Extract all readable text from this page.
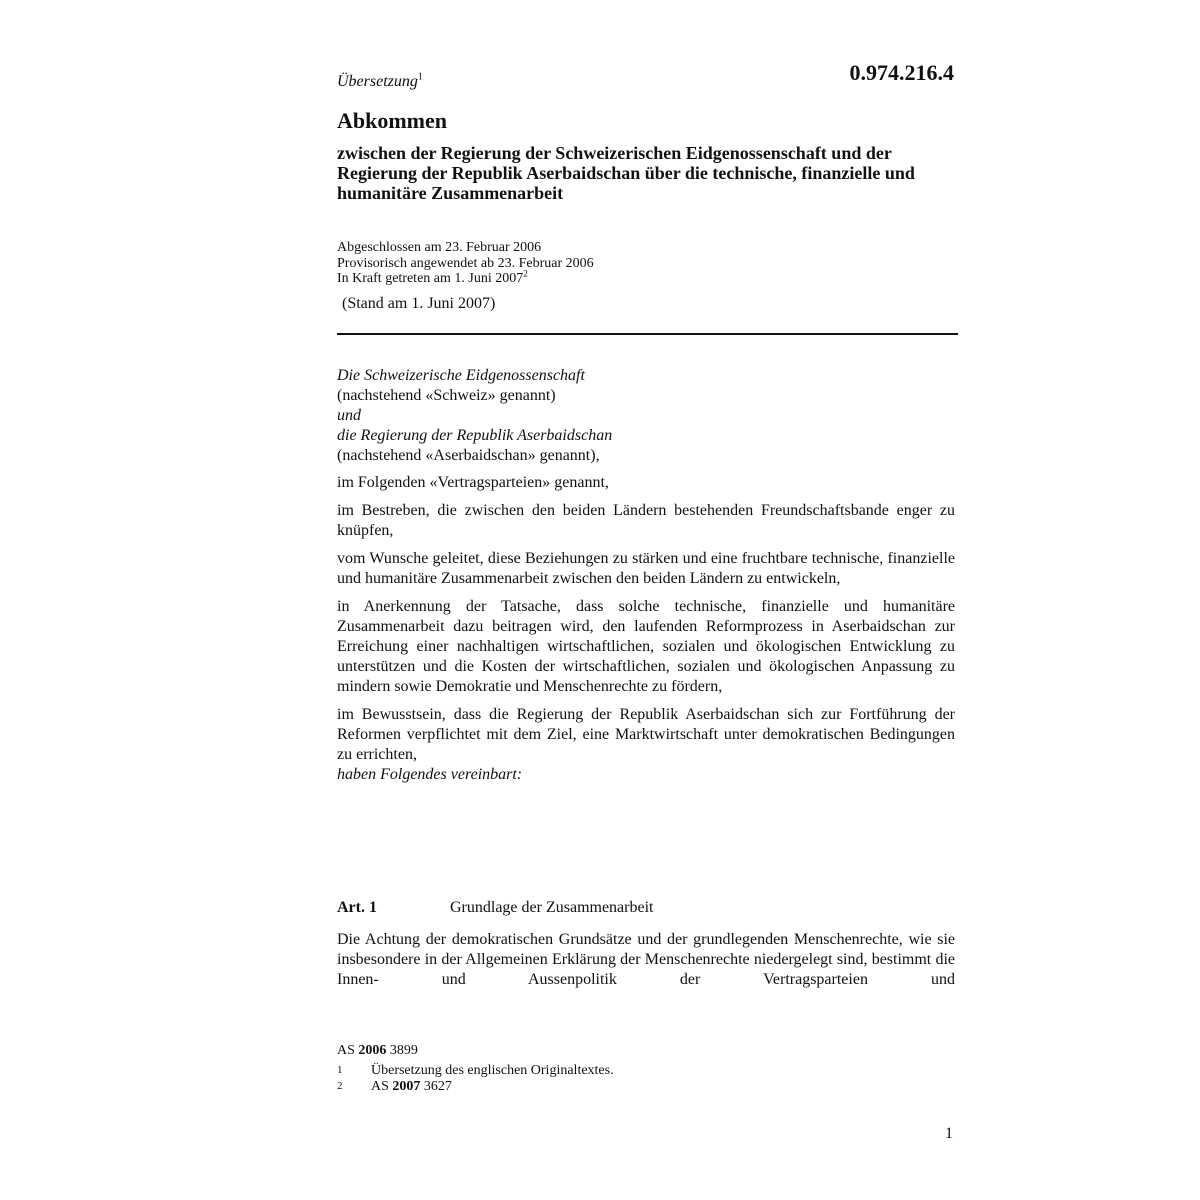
Übersetzung$^1$	0.974.216.4
Abkommen
zwischen der Regierung der Schweizerischen Eidgenossenschaft und der Regierung der Republik Aserbaidschan über die technische, finanzielle und humanitäre Zusammenarbeit
Abgeschlossen am 23. Februar 2006
Provisorisch angewendet ab 23. Februar 2006
In Kraft getreten am 1. Juni 2007$^2$
(Stand am 1. Juni 2007)
Die Schweizerische Eidgenossenschaft
(nachstehend «Schweiz» genannt)
und
die Regierung der Republik Aserbaidschan
(nachstehend «Aserbaidschan» genannt),

im Folgenden «Vertragsparteien» genannt,

im Bestreben, die zwischen den beiden Ländern bestehenden Freundschaftsbande enger zu knüpfen,

vom Wunsche geleitet, diese Beziehungen zu stärken und eine fruchtbare technische, finanzielle und humanitäre Zusammenarbeit zwischen den beiden Ländern zu entwickeln,

in Anerkennung der Tatsache, dass solche technische, finanzielle und humanitäre Zusammenarbeit dazu beitragen wird, den laufenden Reformprozess in Aserbaidschan zur Erreichung einer nachhaltigen wirtschaftlichen, sozialen und ökologischen Entwicklung zu unterstützen und die Kosten der wirtschaftlichen, sozialen und ökologischen Anpassung zu mindern sowie Demokratie und Menschenrechte zu fördern,

im Bewusstsein, dass die Regierung der Republik Aserbaidschan sich zur Fortführung der Reformen verpflichtet mit dem Ziel, eine Marktwirtschaft unter demokratischen Bedingungen zu errichten,

haben Folgendes vereinbart:
Art. 1	Grundlage der Zusammenarbeit
Die Achtung der demokratischen Grundsätze und der grundlegenden Menschenrechte, wie sie insbesondere in der Allgemeinen Erklärung der Menschenrechte niedergelegt sind, bestimmt die Innen- und Aussenpolitik der Vertragsparteien und
AS 2006 3899
1 Übersetzung des englischen Originaltextes.
2 AS 2007 3627
1
